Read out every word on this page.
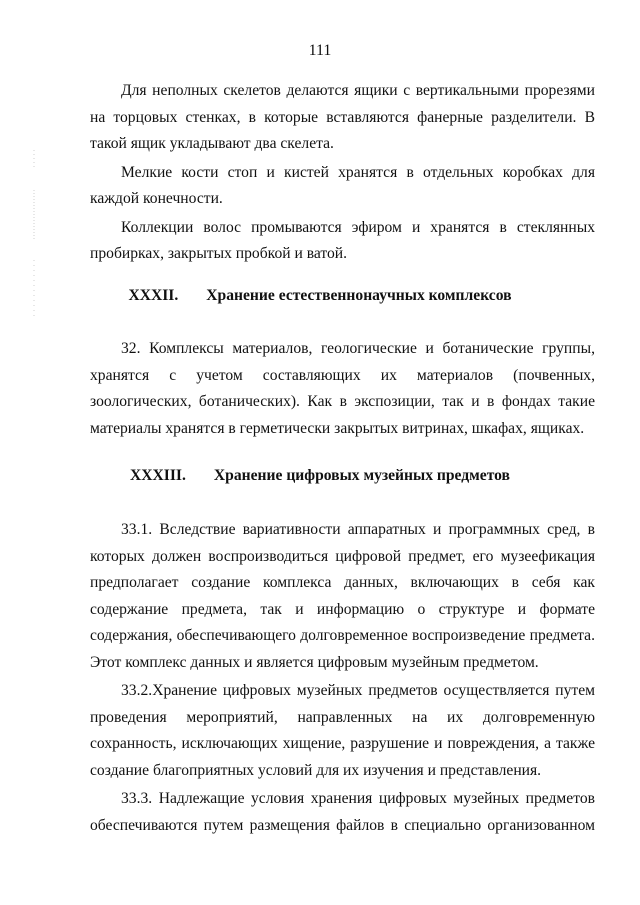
111

Для неполных скелетов делаются ящики с вертикальными прорезями на торцовых стенках, в которые вставляются фанерные разделители. В такой ящик укладывают два скелета.

Мелкие кости стоп и кистей хранятся в отдельных коробках для каждой конечности.

Коллекции волос промываются эфиром и хранятся в стеклянных пробирках, закрытых пробкой и ватой.

XXXII. Хранение естественнонаучных комплексов

32. Комплексы материалов, геологические и ботанические группы, хранятся с учетом составляющих их материалов (почвенных, зоологических, ботанических). Как в экспозиции, так и в фондах такие материалы хранятся в герметически закрытых витринах, шкафах, ящиках.

XXXIII. Хранение цифровых музейных предметов

33.1. Вследствие вариативности аппаратных и программных сред, в которых должен воспроизводиться цифровой предмет, его музеефикация предполагает создание комплекса данных, включающих в себя как содержание предмета, так и информацию о структуре и формате содержания, обеспечивающего долговременное воспроизведение предмета. Этот комплекс данных и является цифровым музейным предметом.

33.2.Хранение цифровых музейных предметов осуществляется путем проведения мероприятий, направленных на их долговременную сохранность, исключающих хищение, разрушение и повреждения, а также создание благоприятных условий для их изучения и представления.

33.3. Надлежащие условия хранения цифровых музейных предметов обеспечиваются путем размещения файлов в специально организованном
